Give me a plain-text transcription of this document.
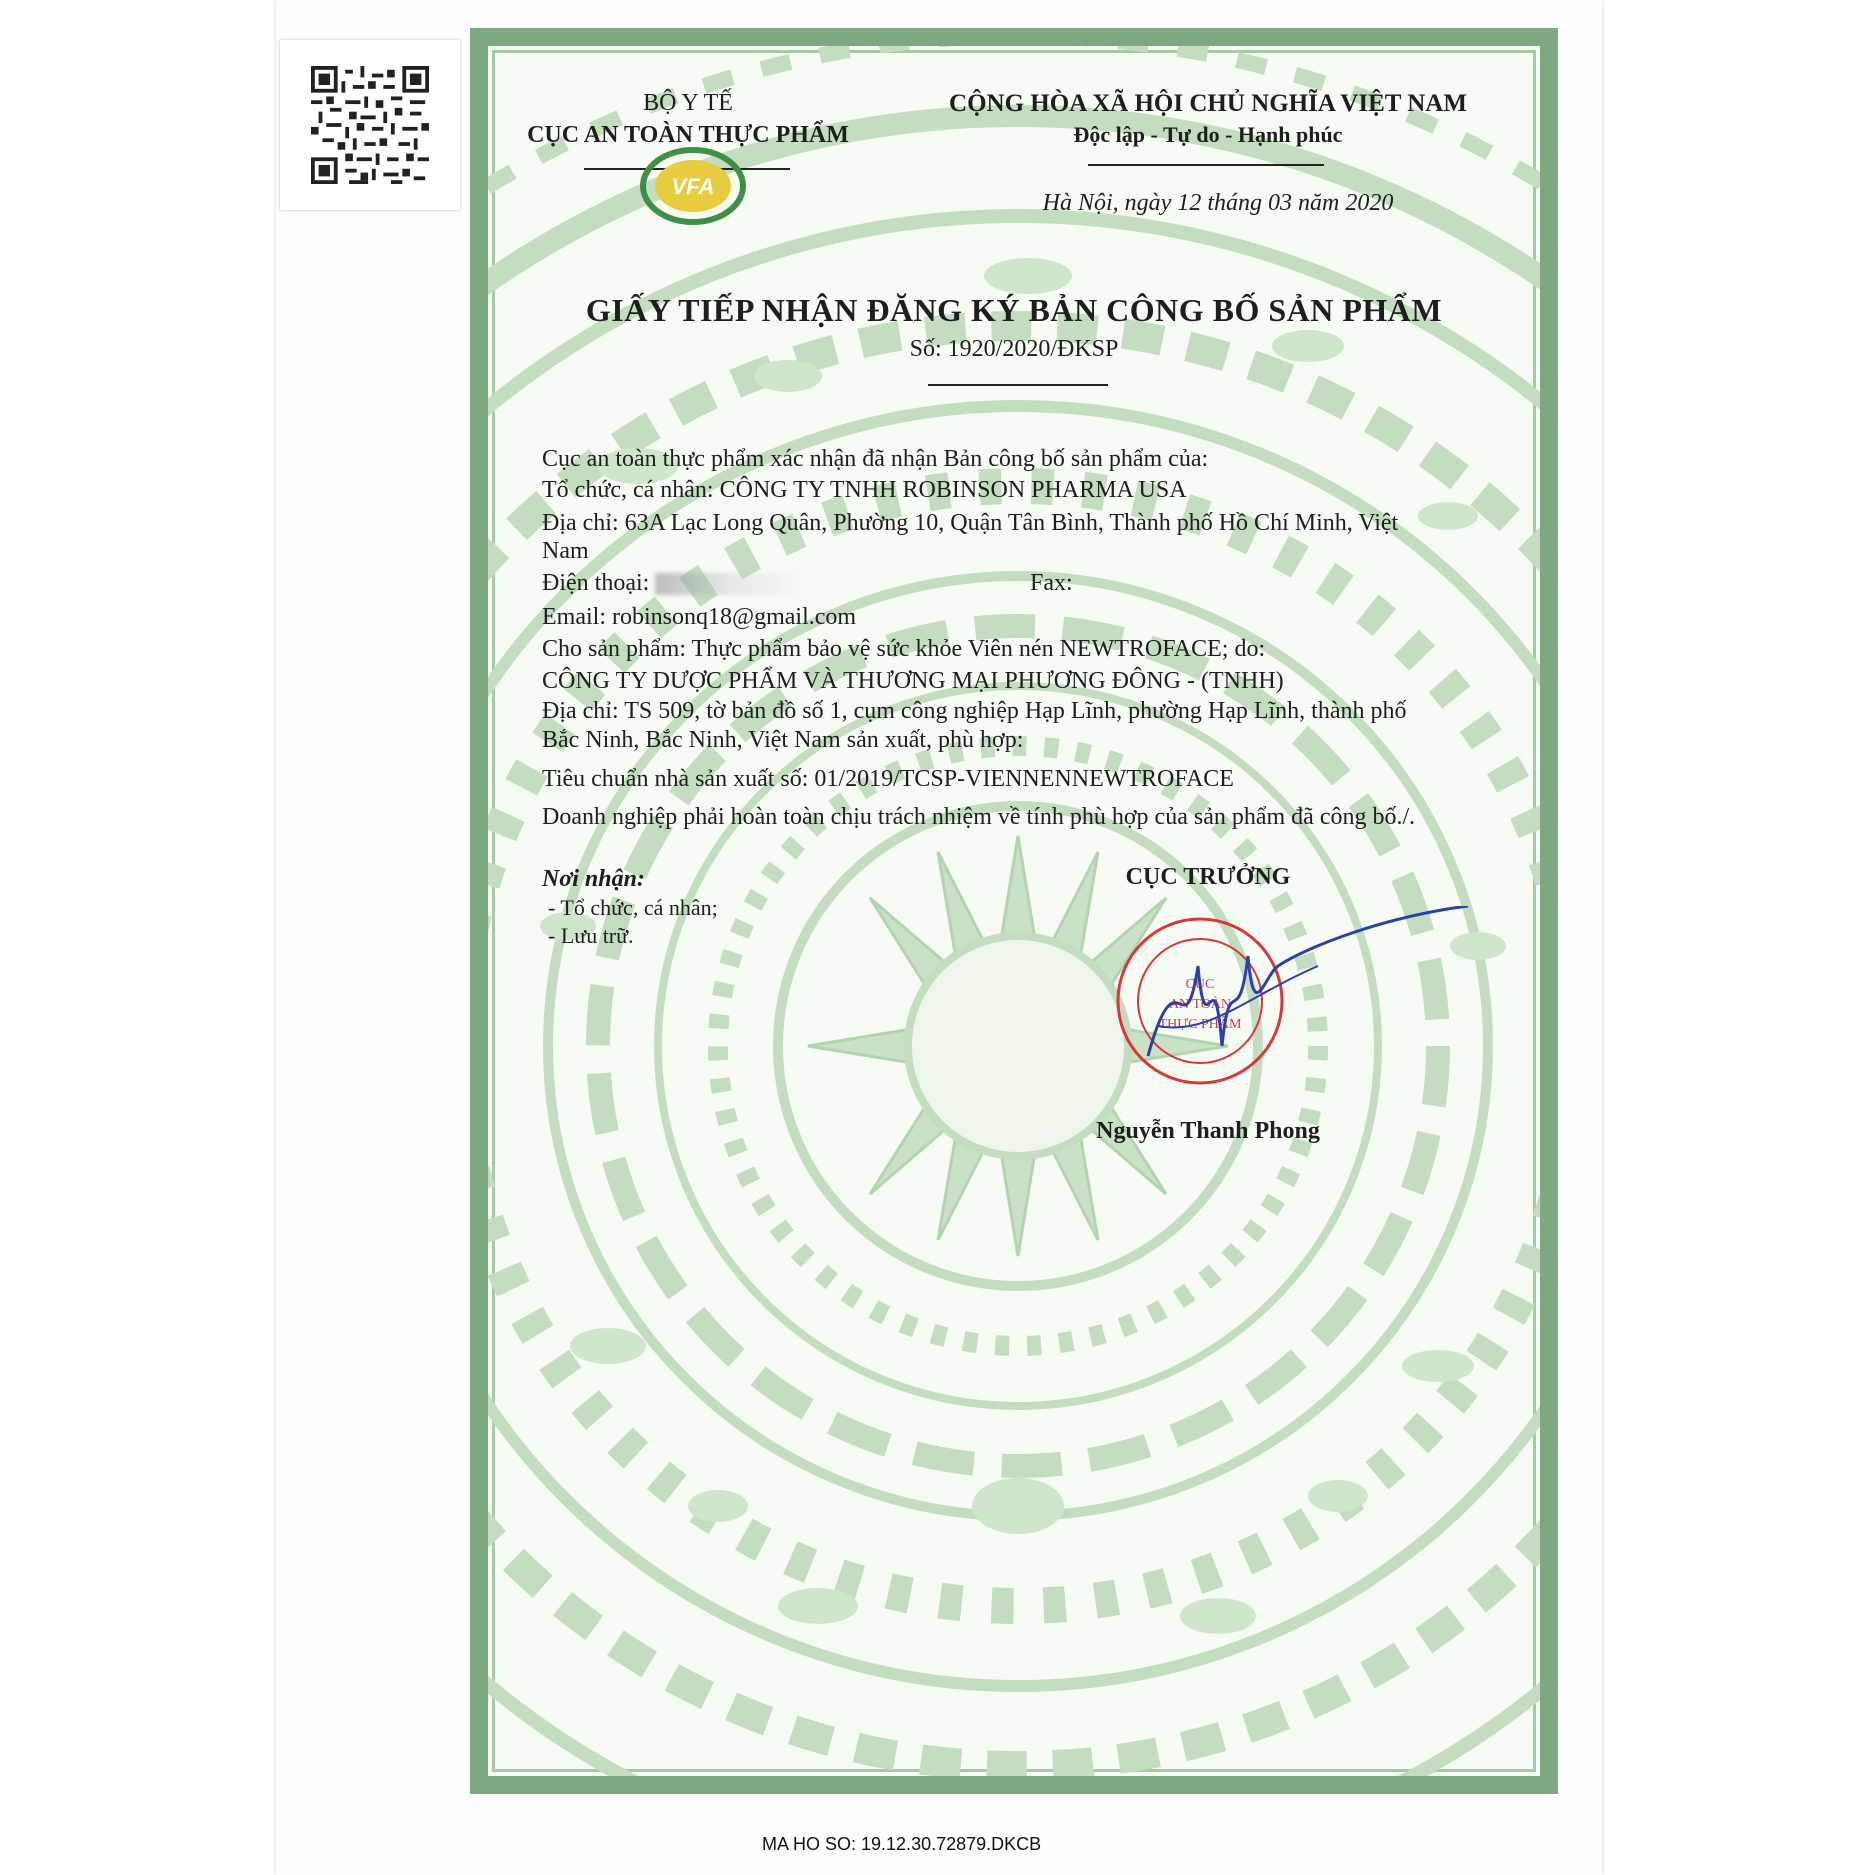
BỘ Y TẾ
CỤC AN TOÀN THỰC PHẨM
VFA
CỘNG HÒA XÃ HỘI CHỦ NGHĨA VIỆT NAM
Độc lập - Tự do - Hạnh phúc
Hà Nội, ngày 12 tháng 03 năm 2020
GIẤY TIẾP NHẬN ĐĂNG KÝ BẢN CÔNG BỐ SẢN PHẨM
Số: 1920/2020/ĐKSP
Cục an toàn thực phẩm xác nhận đã nhận Bản công bố sản phẩm của:
Tổ chức, cá nhân: CÔNG TY TNHH ROBINSON PHARMA USA
Địa chỉ: 63A Lạc Long Quân, Phường 10, Quận Tân Bình, Thành phố Hồ Chí Minh, Việt
Nam
Điện thoại:	Fax:
Email: robinsonq18@gmail.com
Cho sản phẩm: Thực phẩm bảo vệ sức khỏe Viên nén NEWTROFACE; do:
CÔNG TY DƯỢC PHẨM VÀ THƯƠNG MẠI PHƯƠNG ĐÔNG - (TNHH)
Địa chỉ: TS 509, tờ bản đồ số 1, cụm công nghiệp Hạp Lĩnh, phường Hạp Lĩnh, thành phố
Bắc Ninh, Bắc Ninh, Việt Nam sản xuất, phù hợp:
Tiêu chuẩn nhà sản xuất số: 01/2019/TCSP-VIENNENNEWTROFACE
Doanh nghiệp phải hoàn toàn chịu trách nhiệm về tính phù hợp của sản phẩm đã công bố./.
Nơi nhận:
- Tổ chức, cá nhân;
- Lưu trữ.
CỤC TRƯỞNG
CỤC
AN TOÀN
THỰC PHẨM
Nguyễn Thanh Phong
MA HO SO: 19.12.30.72879.DKCB
